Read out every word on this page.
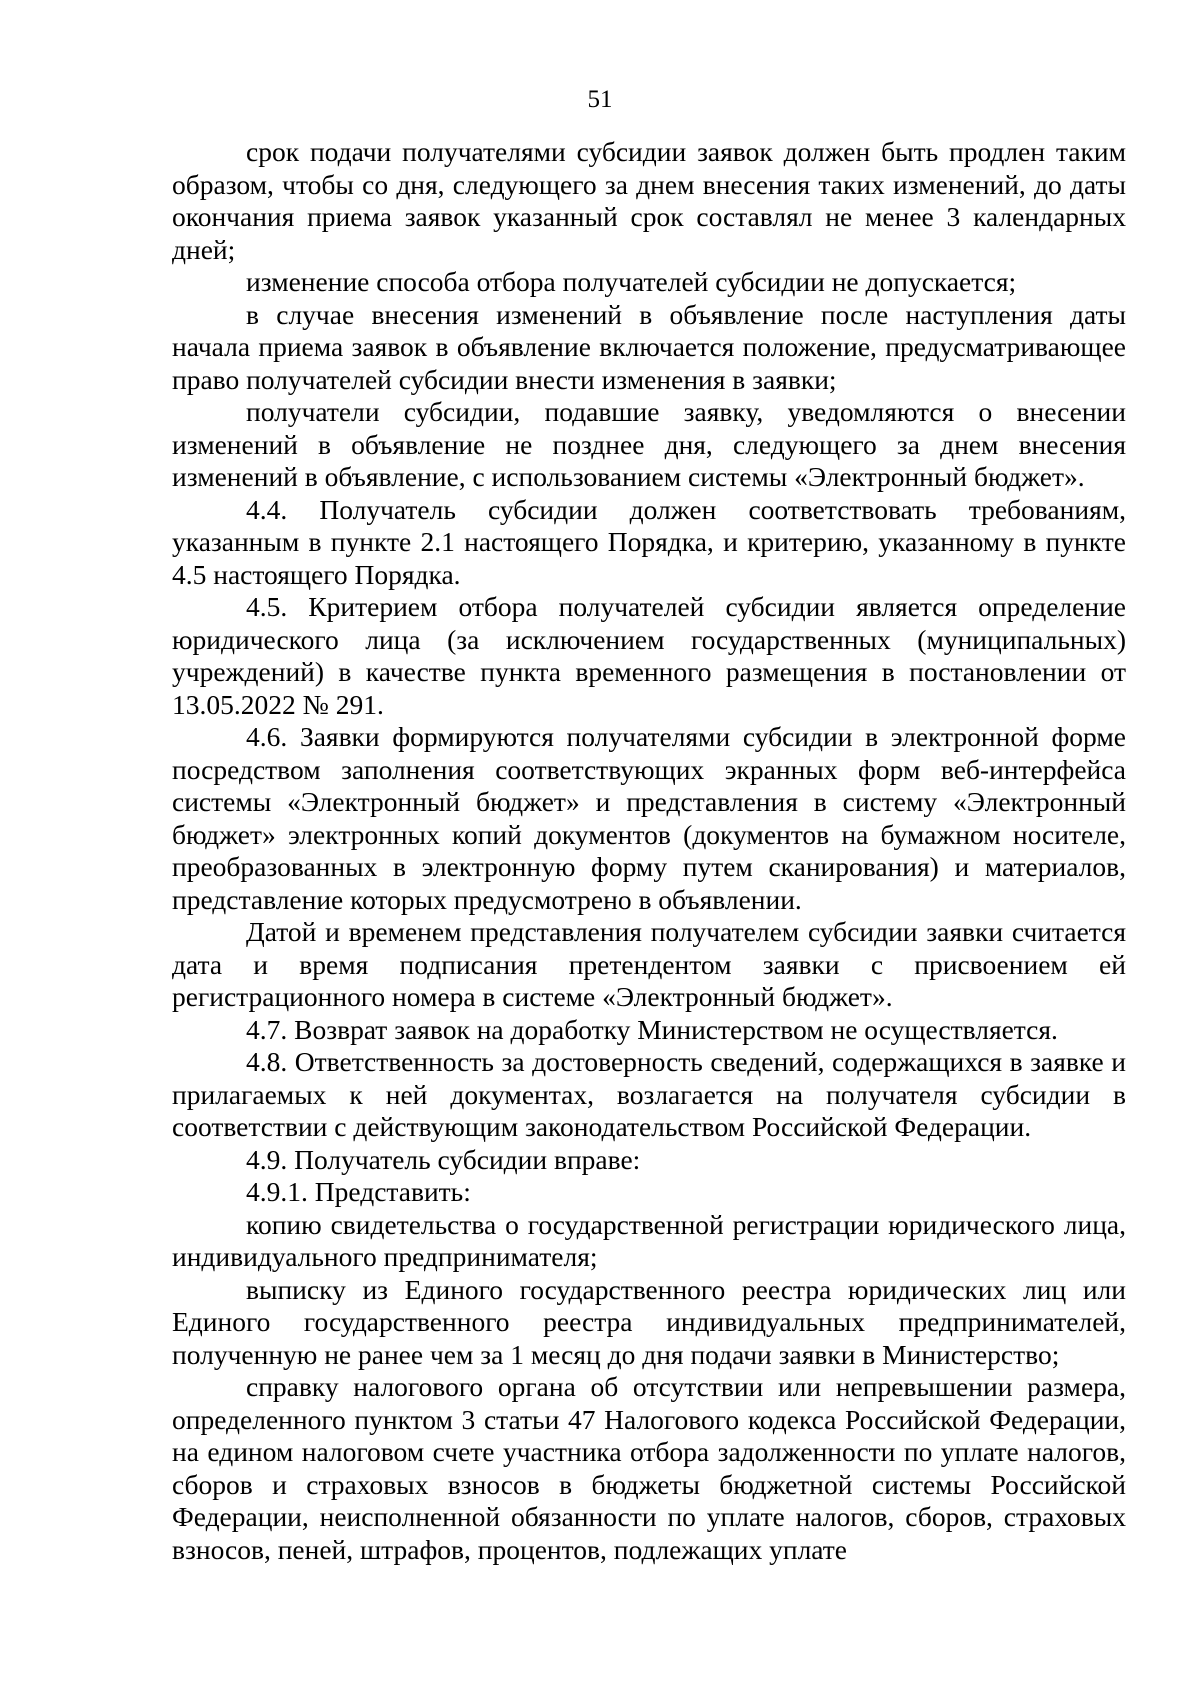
51

срок подачи получателями субсидии заявок должен быть продлен таким образом, чтобы со дня, следующего за днем внесения таких изменений, до даты окончания приема заявок указанный срок составлял не менее 3 календарных дней;

изменение способа отбора получателей субсидии не допускается;

в случае внесения изменений в объявление после наступления даты начала приема заявок в объявление включается положение, предусматривающее право получателей субсидии внести изменения в заявки;

получатели субсидии, подавшие заявку, уведомляются о внесении изменений в объявление не позднее дня, следующего за днем внесения изменений в объявление, с использованием системы «Электронный бюджет».

4.4. Получатель субсидии должен соответствовать требованиям, указанным в пункте 2.1 настоящего Порядка, и критерию, указанному в пункте 4.5 настоящего Порядка.

4.5. Критерием отбора получателей субсидии является определение юридического лица (за исключением государственных (муниципальных) учреждений) в качестве пункта временного размещения в постановлении от 13.05.2022 № 291.

4.6. Заявки формируются получателями субсидии в электронной форме посредством заполнения соответствующих экранных форм веб-интерфейса системы «Электронный бюджет» и представления в систему «Электронный бюджет» электронных копий документов (документов на бумажном носителе, преобразованных в электронную форму путем сканирования) и материалов, представление которых предусмотрено в объявлении.

Датой и временем представления получателем субсидии заявки считается дата и время подписания претендентом заявки с присвоением ей регистрационного номера в системе «Электронный бюджет».

4.7. Возврат заявок на доработку Министерством не осуществляется.

4.8. Ответственность за достоверность сведений, содержащихся в заявке и прилагаемых к ней документах, возлагается на получателя субсидии в соответствии с действующим законодательством Российской Федерации.

4.9. Получатель субсидии вправе:

4.9.1. Представить:

копию свидетельства о государственной регистрации юридического лица, индивидуального предпринимателя;

выписку из Единого государственного реестра юридических лиц или Единого государственного реестра индивидуальных предпринимателей, полученную не ранее чем за 1 месяц до дня подачи заявки в Министерство;

справку налогового органа об отсутствии или непревышении размера, определенного пунктом 3 статьи 47 Налогового кодекса Российской Федерации, на едином налоговом счете участника отбора задолженности по уплате налогов, сборов и страховых взносов в бюджеты бюджетной системы Российской Федерации, неисполненной обязанности по уплате налогов, сборов, страховых взносов, пеней, штрафов, процентов, подлежащих уплате
